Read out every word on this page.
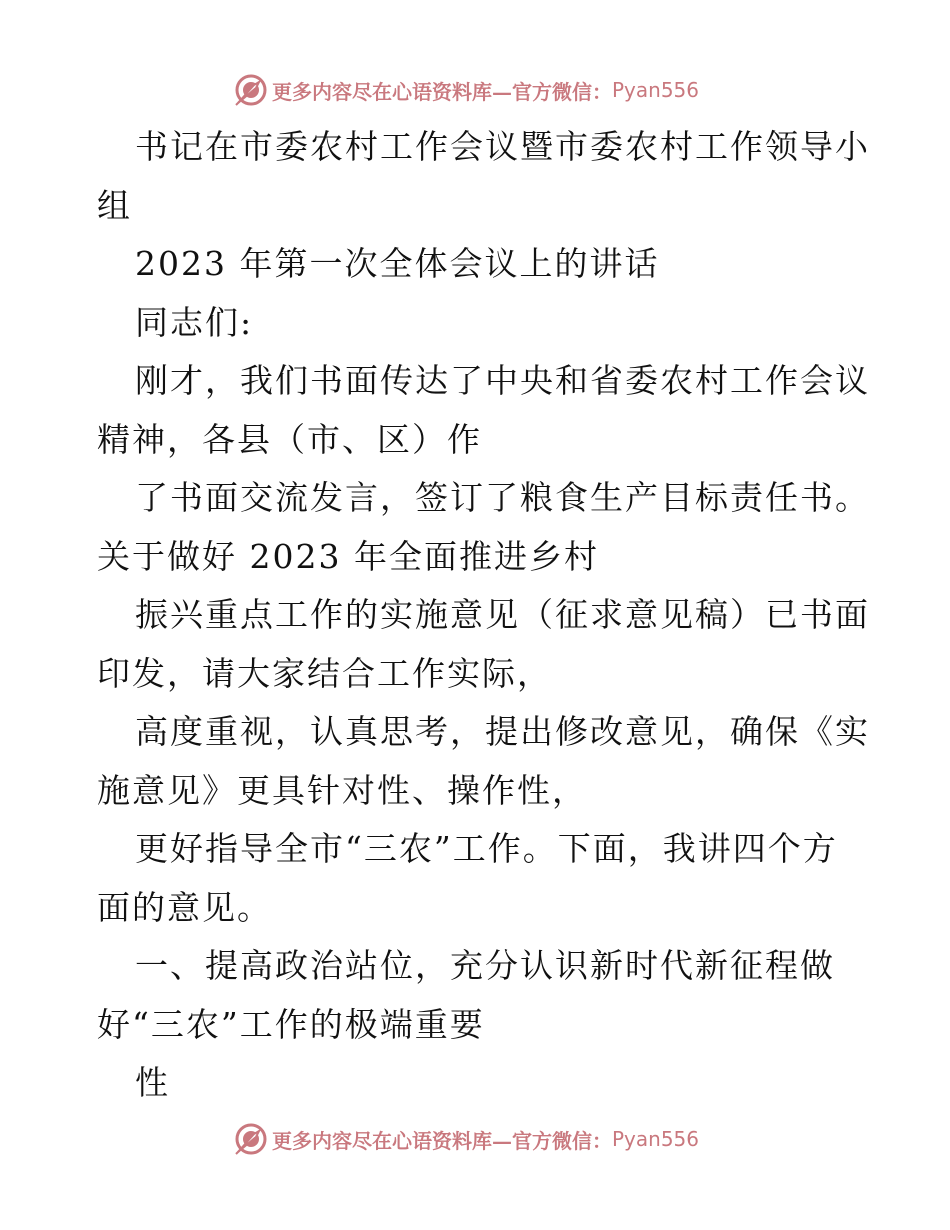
更多内容尽在心语资料库—官方微信： Pyan556

书记在市委农村工作会议暨市委农村工作领导小

组

2023 年第一次全体会议上的讲话

同志们:

刚才，我们书面传达了中央和省委农村工作会议

精神，各县（市、区）作

了书面交流发言，签订了粮食生产目标责任书。

关于做好 2023 年全面推进乡村

振兴重点工作的实施意见（征求意见稿）已书面

印发，请大家结合工作实际，

高度重视，认真思考，提出修改意见，确保《实

施意见》更具针对性、操作性，

更好指导全市“三农”工作。下面，我讲四个方

面的意见。

一、提高政治站位，充分认识新时代新征程做

好“三农”工作的极端重要

性

更多内容尽在心语资料库—官方微信： Pyan556
